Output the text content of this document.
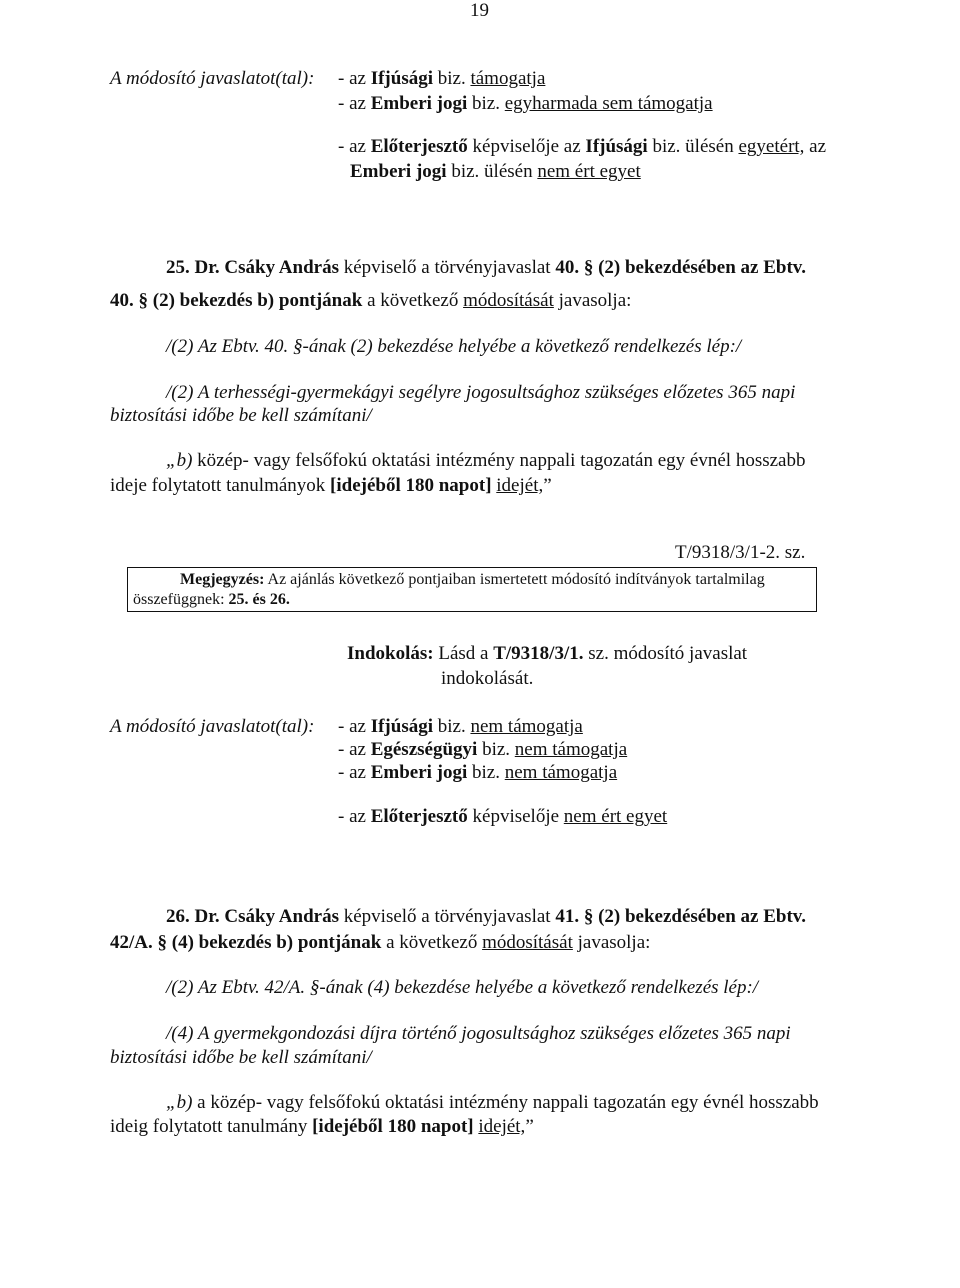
19
A módosító javaslatot(tal): - az Ifjúsági biz. támogatja
- az Emberi jogi biz. egyharmada sem támogatja
- az Előterjesztő képviselője az Ifjúsági biz. ülésén egyetért, az
Emberi jogi biz. ülésén nem ért egyet
25. Dr. Csáky András képviselő a törvényjavaslat 40. § (2) bekezdésében az Ebtv.
40. § (2) bekezdés b) pontjának a következő módosítását javasolja:
/(2) Az Ebtv. 40. §-ának (2) bekezdése helyébe a következő rendelkezés lép:/
/(2) A terhességi-gyermekágyi segélyre jogosultsághoz szükséges előzetes 365 napi
biztosítási időbe be kell számítani/
„b) közép- vagy felsőfokú oktatási intézmény nappali tagozatán egy évnél hosszabb
ideje folytatott tanulmányok [idejéből 180 napot] idejét,”
T/9318/3/1-2. sz.
Megjegyzés: Az ajánlás következő pontjaiban ismertetett módosító indítványok tartalmilag
összefüggnek: 25. és 26.
Indokolás: Lásd a T/9318/3/1. sz. módosító javaslat
indokolását.
A módosító javaslatot(tal): - az Ifjúsági biz. nem támogatja
- az Egészségügyi biz. nem támogatja
- az Emberi jogi biz. nem támogatja
- az Előterjesztő képviselője nem ért egyet
26. Dr. Csáky András képviselő a törvényjavaslat 41. § (2) bekezdésében az Ebtv.
42/A. § (4) bekezdés b) pontjának a következő módosítását javasolja:
/(2) Az Ebtv. 42/A. §-ának (4) bekezdése helyébe a következő rendelkezés lép:/
/(4) A gyermekgondozási díjra történő jogosultsághoz szükséges előzetes 365 napi
biztosítási időbe be kell számítani/
„b) a közép- vagy felsőfokú oktatási intézmény nappali tagozatán egy évnél hosszabb
ideig folytatott tanulmány [idejéből 180 napot] idejét,”
